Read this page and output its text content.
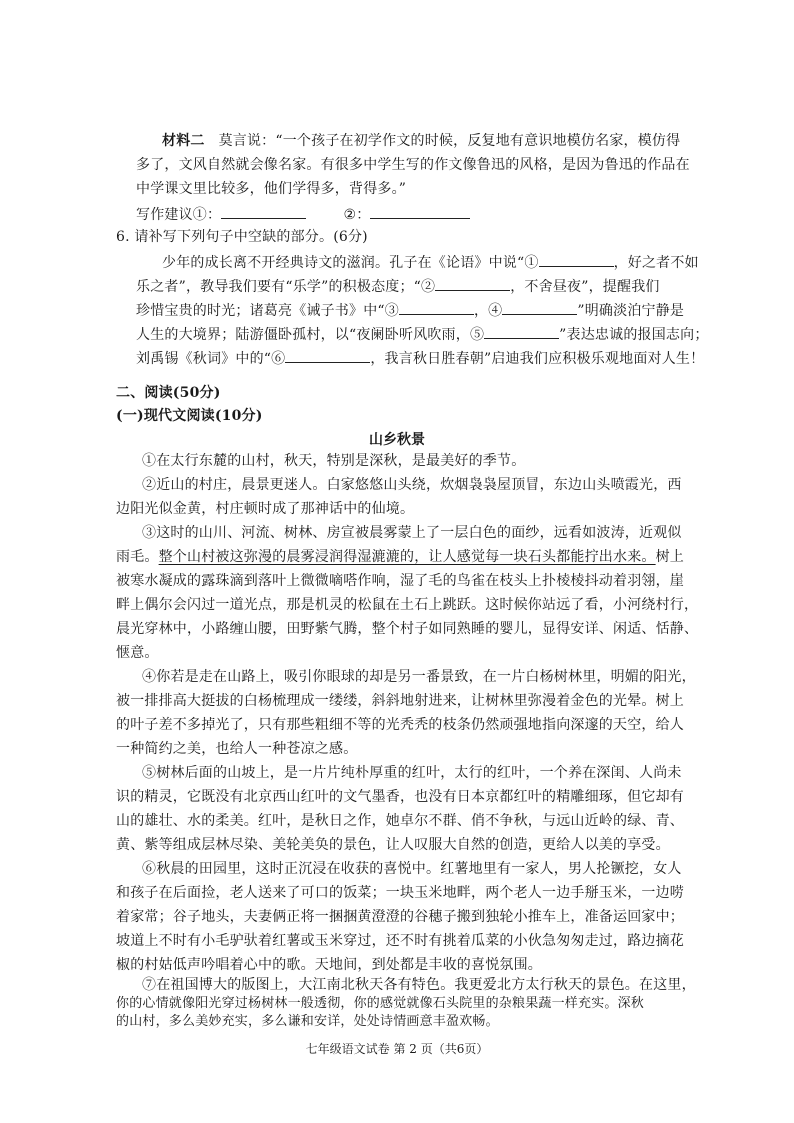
材料二 莫言说：“一个孩子在初学作文的时候，反复地有意识地模仿名家，模仿得
多了，文风自然就会像名家。有很多中学生写的作文像鲁迅的风格，是因为鲁迅的作品在
中学课文里比较多，他们学得多，背得多。”
写作建议①：	②：
6. 请补写下列句子中空缺的部分。(6分)
少年的成长离不开经典诗文的滋润。孔子在《论语》中说“①	，好之者不如
乐之者”，教导我们要有“乐学”的积极态度；“②	，不舍昼夜”，提醒我们
珍惜宝贵的时光；诸葛亮《诫子书》中“③	，④	”明确淡泊宁静是
人生的大境界；陆游僵卧孤村，以“夜阑卧听风吹雨，⑤	”表达忠诚的报国志向；
刘禹锡《秋词》中的“⑥	，我言秋日胜春朝”启迪我们应积极乐观地面对人生！
二、阅读(50分)
(一)现代文阅读(10分)
山乡秋景
①在太行东麓的山村，秋天，特别是深秋，是最美好的季节。
②近山的村庄，晨景更迷人。白家悠悠山头绕，炊烟袅袅屋顶冒，东边山头喷霞光，西
边阳光似金黄，村庄顿时成了那神话中的仙境。
③这时的山川、河流、树林、房宣被晨雾蒙上了一层白色的面纱，远看如波涛，近观似
雨毛。整个山村被这弥漫的晨雾浸润得湿漉漉的，让人感觉每一块石头都能拧出水来。树上
被寒水凝成的露珠滴到落叶上微微嘀嗒作响，湿了毛的鸟雀在枝头上扑棱棱抖动着羽翎，崖
畔上偶尔会闪过一道光点，那是机灵的松鼠在土石上跳跃。这时候你站远了看，小河绕村行，
晨光穿林中，小路缠山腰，田野紫气腾，整个村子如同熟睡的婴儿，显得安详、闲适、恬静、
惬意。
④你若是走在山路上，吸引你眼球的却是另一番景致，在一片白杨树林里，明媚的阳光，
被一排排高大挺拔的白杨梳理成一缕缕，斜斜地射进来，让树林里弥漫着金色的光晕。树上
的叶子差不多掉光了，只有那些粗细不等的光秃秃的枝条仍然顽强地指向深邃的天空，给人
一种简约之美，也给人一种苍凉之感。
⑤树林后面的山坡上，是一片片纯朴厚重的红叶，太行的红叶，一个养在深闺、人尚未
识的精灵，它既没有北京西山红叶的文气墨香，也没有日本京都红叶的精雕细琢，但它却有
山的雄壮、水的柔美。红叶，是秋日之作，她卓尔不群、俏不争秋，与远山近岭的绿、青、
黄、紫等组成层林尽染、美轮美奂的景色，让人叹服大自然的创造，更给人以美的享受。
⑥秋晨的田园里，这时正沉浸在收获的喜悦中。红薯地里有一家人，男人抡镢挖，女人
和孩子在后面捡，老人送来了可口的饭菜；一块玉米地畔，两个老人一边手掰玉米，一边唠
着家常；谷子地头，夫妻俩正将一捆捆黄澄澄的谷穗子搬到独轮小推车上，准备运回家中；
坡道上不时有小毛驴驮着红薯或玉米穿过，还不时有挑着瓜菜的小伙急匆匆走过，路边摘花
椒的村姑低声吟唱着心中的歌。天地间，到处都是丰收的喜悦氛围。
⑦在祖国博大的版图上，大江南北秋天各有特色。我更爱北方太行秋天的景色。在这里，
你的心情就像阳光穿过杨树林一般透彻，你的感觉就像石头院里的杂粮果蔬一样充实。深秋
的山村，多么美妙充实，多么谦和安详，处处诗情画意丰盈欢畅。
七年级语文试卷 第 2 页（共6页）
